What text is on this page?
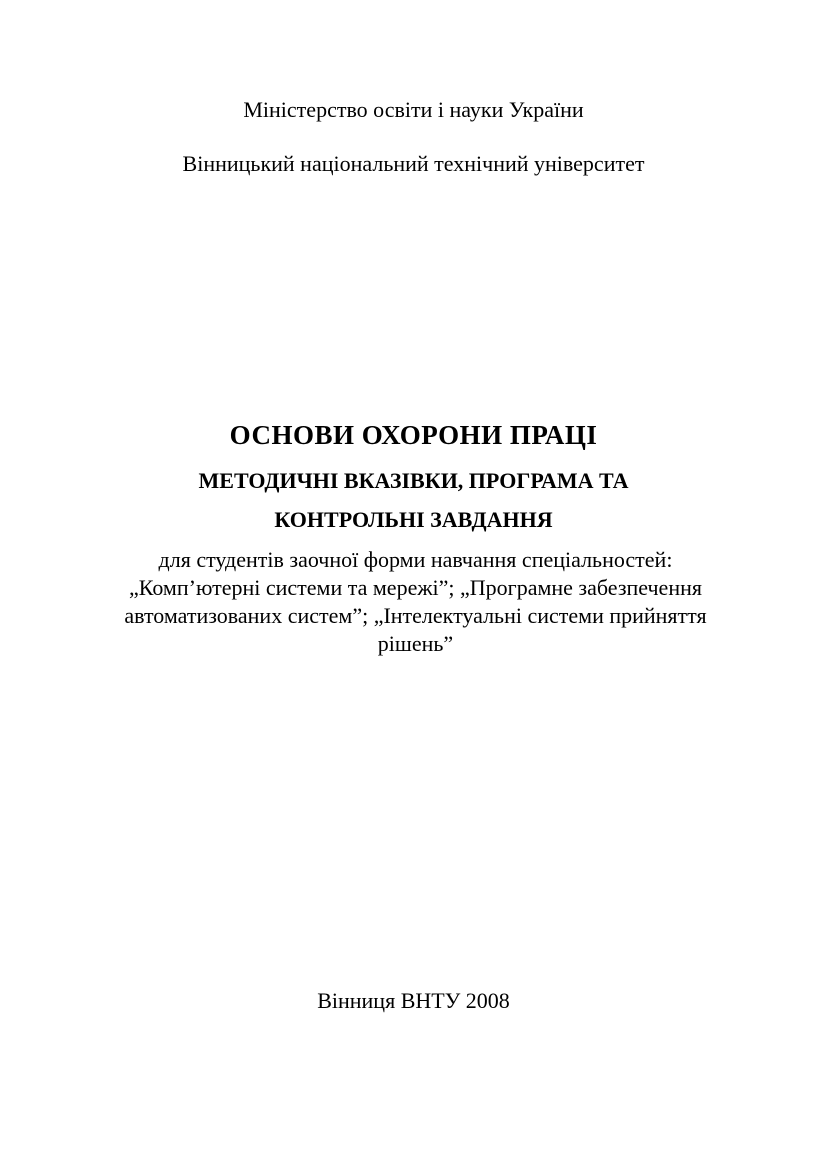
Міністерство освіти і науки України
Вінницький національний технічний університет
ОСНОВИ ОХОРОНИ ПРАЦІ
МЕТОДИЧНІ ВКАЗІВКИ, ПРОГРАМА ТА
КОНТРОЛЬНІ ЗАВДАННЯ

для студентів заочної форми навчання спеціальностей: „Комп’ютерні системи та мережі”; „Програмне забезпечення автоматизованих систем”; „Інтелектуальні системи прийняття рішень”

Вінниця ВНТУ 2008
